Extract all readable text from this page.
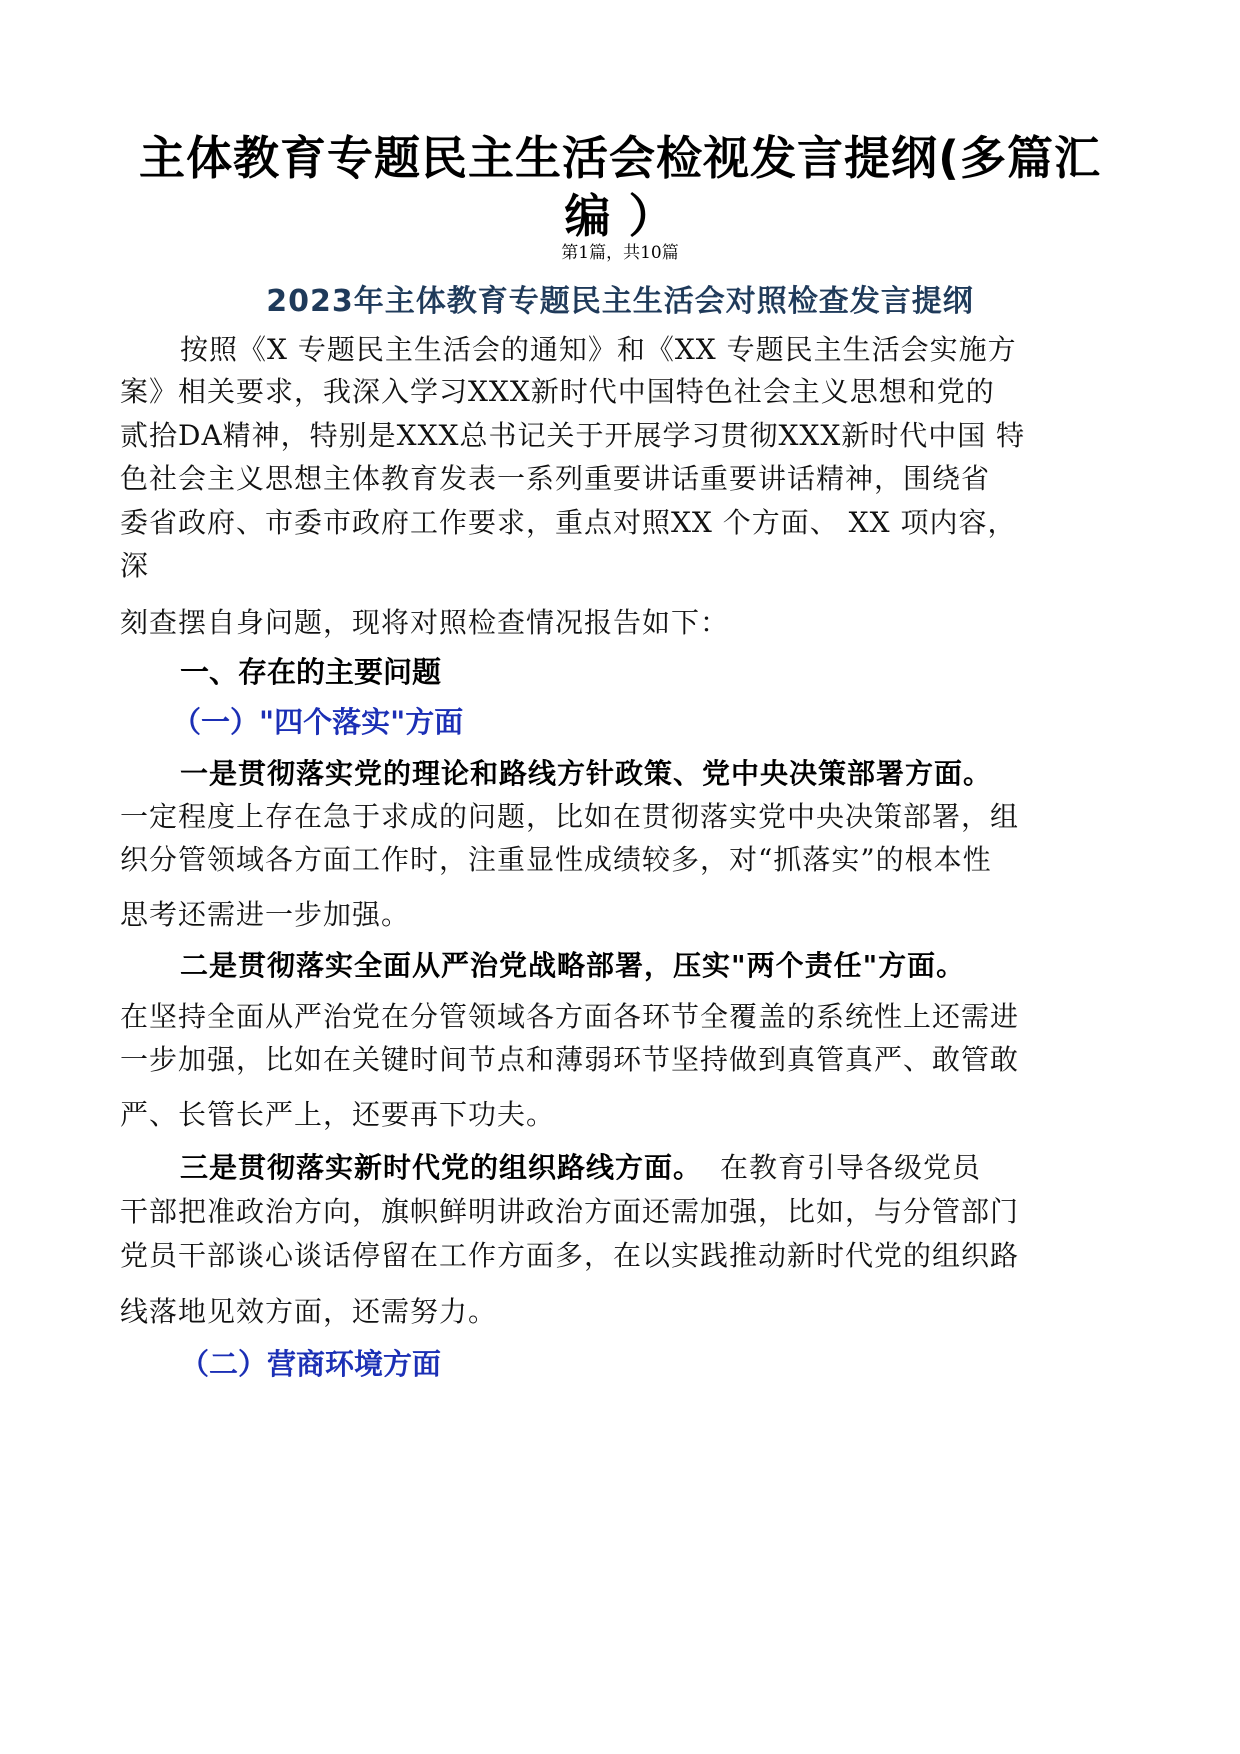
主体教育专题民主生活会检视发言提纲(多篇汇
编 ）
第1篇，共10篇
2023年主体教育专题民主生活会对照检查发言提纲
按照《X 专题民主生活会的通知》和《XX 专题民主生活会实施方
案》相关要求，我深入学习XXX新时代中国特色社会主义思想和党的
贰拾DA精神，特别是XXX总书记关于开展学习贯彻XXX新时代中国 特
色社会主义思想主体教育发表一系列重要讲话重要讲话精神，围绕省
委省政府、市委市政府工作要求，重点对照XX 个方面、 XX 项内容，
深
刻查摆自身问题，现将对照检查情况报告如下：
一、存在的主要问题
（一）"四个落实"方面
一是贯彻落实党的理论和路线方针政策、党中央决策部署方面。
一定程度上存在急于求成的问题，比如在贯彻落实党中央决策部署，组
织分管领域各方面工作时，注重显性成绩较多，对“抓落实”的根本性
思考还需进一步加强。
二是贯彻落实全面从严治党战略部署，压实"两个责任"方面。
在坚持全面从严治党在分管领域各方面各环节全覆盖的系统性上还需进
一步加强，比如在关键时间节点和薄弱环节坚持做到真管真严、敢管敢
严、长管长严上，还要再下功夫。
三是贯彻落实新时代党的组织路线方面。 在教育引导各级党员
干部把准政治方向，旗帜鲜明讲政治方面还需加强，比如，与分管部门
党员干部谈心谈话停留在工作方面多，在以实践推动新时代党的组织路
线落地见效方面，还需努力。
（二）营商环境方面
